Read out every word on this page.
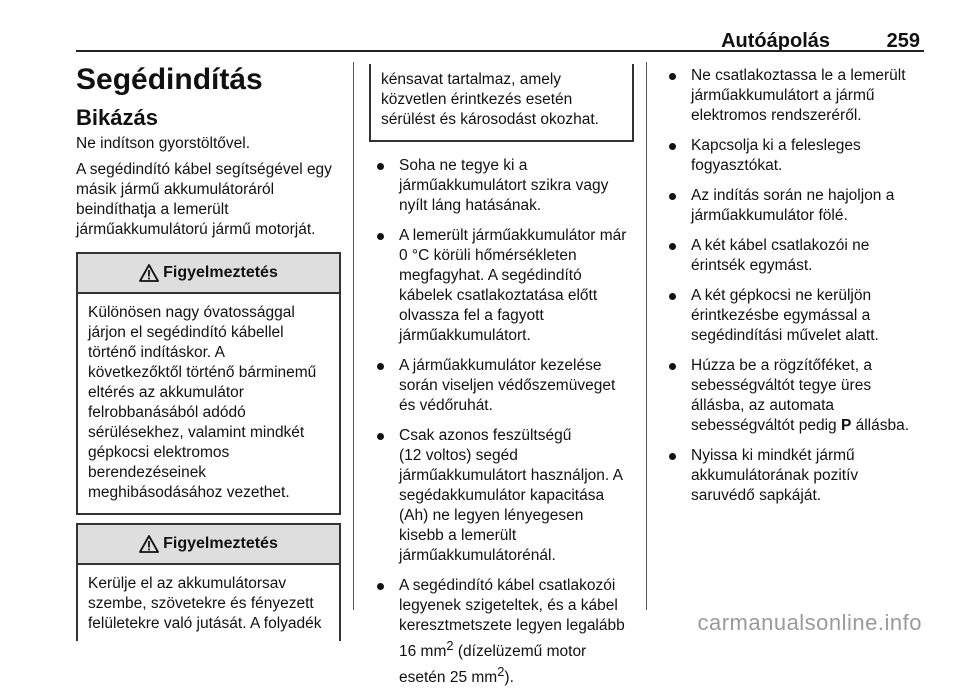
Autóápolás	259
Segédindítás
Bikázás

Ne indítson gyorstöltővel.

A segédindító kábel segítségével egy
másik jármű akkumulátoráról
beindíthatja a lemerült
járműakkumulátorú jármű motorját.

Figyelmeztetés
Különösen nagy óvatossággal
járjon el segédindító kábellel
történő indításkor. A
következőktől történő bárminemű
eltérés az akkumulátor
felrobbanásából adódó
sérülésekhez, valamint mindkét
gépkocsi elektromos
berendezéseinek
meghibásodásához vezethet.
Figyelmeztetés
Kerülje el az akkumulátorsav
szembe, szövetekre és fényezett
felületekre való jutását. A folyadék
kénsavat tartalmaz, amely
közvetlen érintkezés esetén
sérülést és károsodást okozhat.
Soha ne tegye ki a
járműakkumulátort szikra vagy
nyílt láng hatásának.
A lemerült járműakkumulátor már
0 °C körüli hőmérsékleten
megfagyhat. A segédindító
kábelek csatlakoztatása előtt
olvassza fel a fagyott
járműakkumulátort.
A járműakkumulátor kezelése
során viseljen védőszemüveget
és védőruhát.
Csak azonos feszültségű
(12 voltos) segéd
járműakkumulátort használjon. A
segédakkumulátor kapacitása
(Ah) ne legyen lényegesen
kisebb a lemerült
járműakkumulátorénál.
A segédindító kábel csatlakozói
legyenek szigeteltek, és a kábel
keresztmetszete legyen legalább
16 $mm^2$ (dízelüzemű motor
esetén 25 $mm^2$).
Ne csatlakoztassa le a lemerült
járműakkumulátort a jármű
elektromos rendszeréről.
Kapcsolja ki a felesleges
fogyasztókat.
Az indítás során ne hajoljon a
járműakkumulátor fölé.
A két kábel csatlakozói ne
érintsék egymást.
A két gépkocsi ne kerüljön
érintkezésbe egymással a
segédindítási művelet alatt.
Húzza be a rögzítőféket, a
sebességváltót tegye üres
állásba, az automata
sebességváltót pedig P állásba.
Nyissa ki mindkét jármű
akkumulátorának pozitív
saruvédő sapkáját.
carmanualsonline.info
